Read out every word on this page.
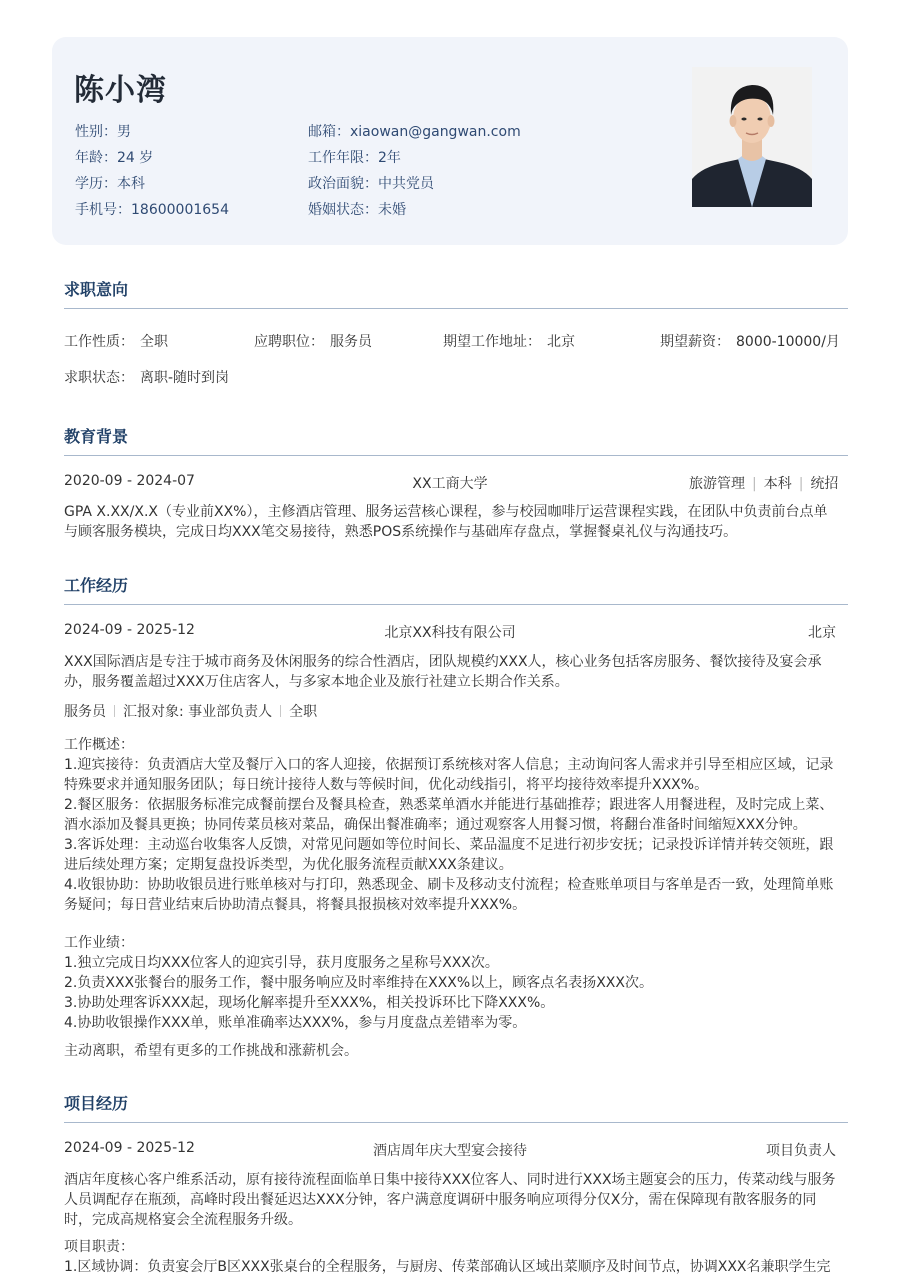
陈小湾
性别：男
年龄：24 岁
学历：本科
手机号：18600001654
邮箱：xiaowan@gangwan.com
工作年限：2年
政治面貌：中共党员
婚姻状态：未婚
求职意向
工作性质： 全职	应聘职位： 服务员	期望工作地址： 北京	期望薪资： 8000-10000/月
求职状态： 离职-随时到岗
教育背景
2020-09 - 2024-07	XX工商大学	旅游管理 | 本科 | 统招
GPA X.XX/X.X（专业前XX%），主修酒店管理、服务运营核心课程，参与校园咖啡厅运营课程实践，在团队中负责前台点单与顾客服务模块，完成日均XXX笔交易接待，熟悉POS系统操作与基础库存盘点，掌握餐桌礼仪与沟通技巧。
工作经历
2024-09 - 2025-12	北京XX科技有限公司	北京
XXX国际酒店是专注于城市商务及休闲服务的综合性酒店，团队规模约XXX人，核心业务包括客房服务、餐饮接待及宴会承办，服务覆盖超过XXX万住店客人，与多家本地企业及旅行社建立长期合作关系。
服务员 汇报对象: 事业部负责人 全职
工作概述：
1.迎宾接待：负责酒店大堂及餐厅入口的客人迎接，依据预订系统核对客人信息；主动询问客人需求并引导至相应区域，记录特殊要求并通知服务团队；每日统计接待人数与等候时间，优化动线指引，将平均接待效率提升XXX%。
2.餐区服务：依据服务标准完成餐前摆台及餐具检查，熟悉菜单酒水并能进行基础推荐；跟进客人用餐进程，及时完成上菜、酒水添加及餐具更换；协同传菜员核对菜品，确保出餐准确率；通过观察客人用餐习惯，将翻台准备时间缩短XXX分钟。
3.客诉处理：主动巡台收集客人反馈，对常见问题如等位时间长、菜品温度不足进行初步安抚；记录投诉详情并转交领班，跟进后续处理方案；定期复盘投诉类型，为优化服务流程贡献XXX条建议。
4.收银协助：协助收银员进行账单核对与打印，熟悉现金、刷卡及移动支付流程；检查账单项目与客单是否一致，处理简单账务疑问；每日营业结束后协助清点餐具，将餐具报损核对效率提升XXX%。
工作业绩：
1.独立完成日均XXX位客人的迎宾引导，获月度服务之星称号XXX次。
2.负责XXX张餐台的服务工作，餐中服务响应及时率维持在XXX%以上，顾客点名表扬XXX次。
3.协助处理客诉XXX起，现场化解率提升至XXX%，相关投诉环比下降XXX%。
4.协助收银操作XXX单，账单准确率达XXX%，参与月度盘点差错率为零。
主动离职，希望有更多的工作挑战和涨薪机会。
项目经历
2024-09 - 2025-12	酒店周年庆大型宴会接待	项目负责人
酒店年度核心客户维系活动，原有接待流程面临单日集中接待XXX位客人、同时进行XXX场主题宴会的压力，传菜动线与服务人员调配存在瓶颈，高峰时段出餐延迟达XXX分钟，客户满意度调研中服务响应项得分仅X分，需在保障现有散客服务的同时，完成高规格宴会全流程服务升级。
项目职责：
1.区域协调：负责宴会厅B区XXX张桌台的全程服务，与厨房、传菜部确认区域出菜顺序及时间节点，协调XXX名兼职学生完
